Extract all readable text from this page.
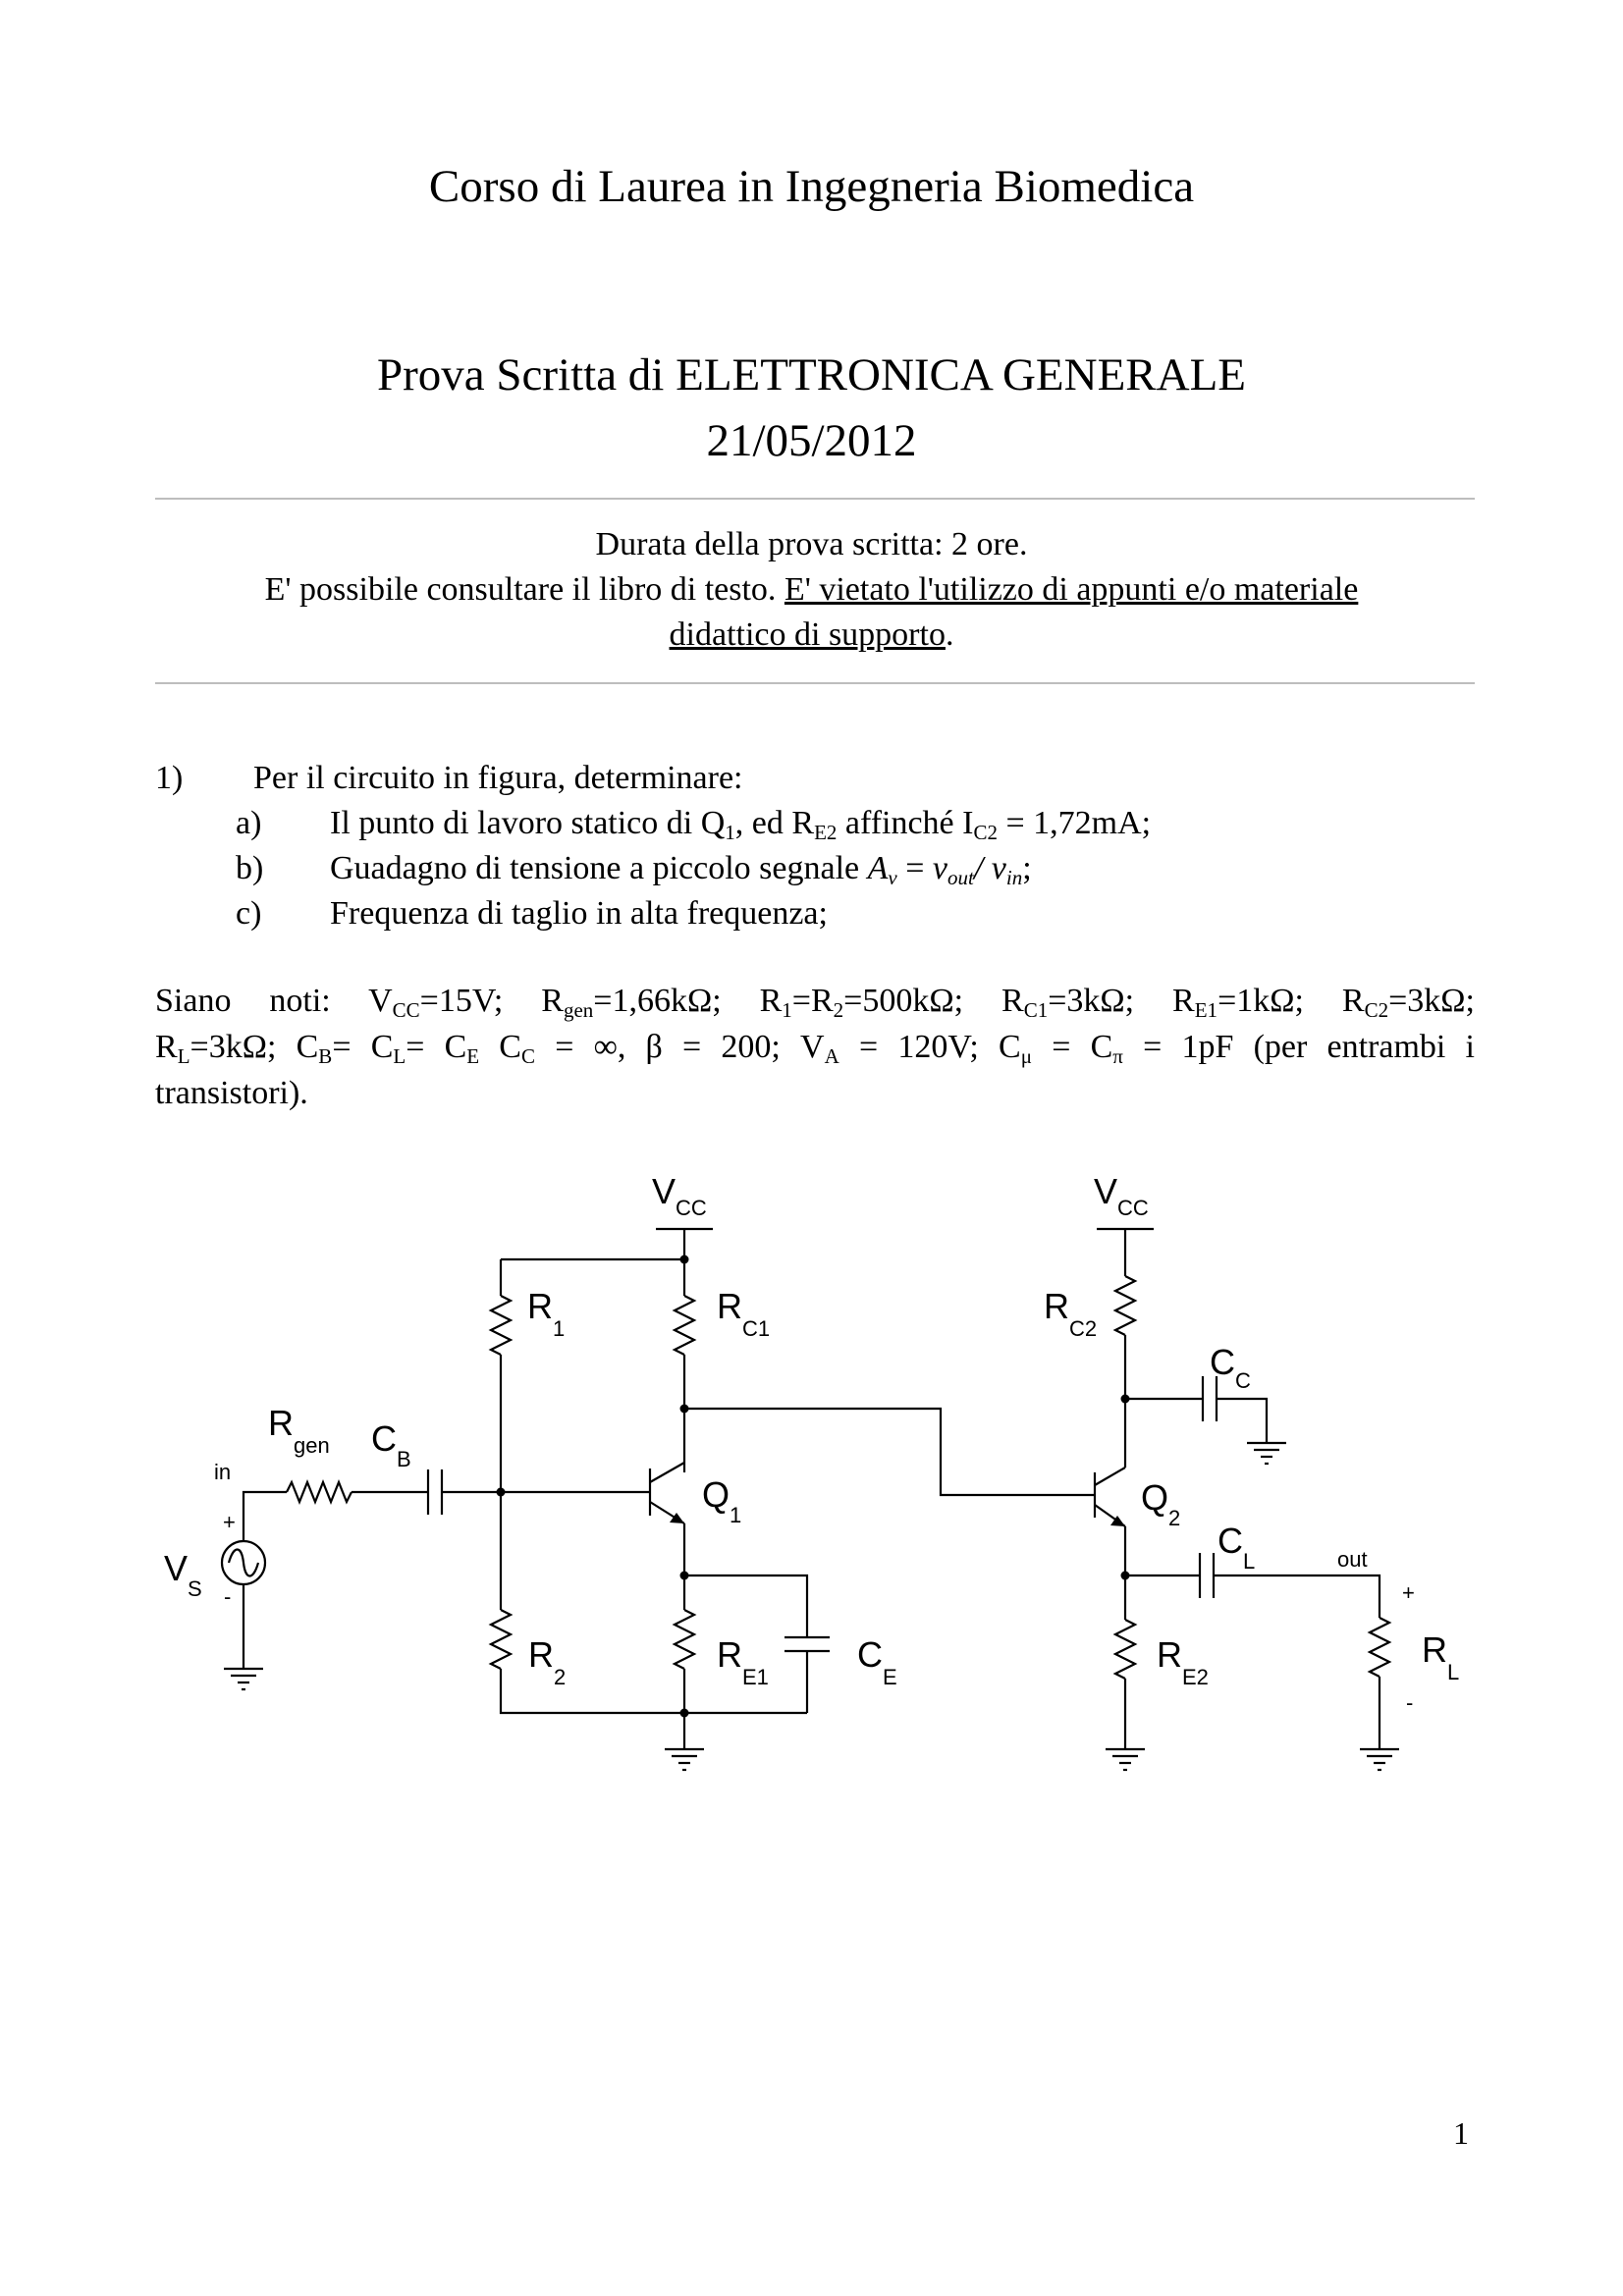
Corso di Laurea in Ingegneria Biomedica
Prova Scritta di ELETTRONICA GENERALE
21/05/2012
Durata della prova scritta: 2 ore.
E' possibile consultare il libro di testo. E' vietato l'utilizzo di appunti e/o materiale
didattico di supporto.
1) Per il circuito in figura, determinare:
a) Il punto di lavoro statico di $Q_1$, ed $R_{E2}$ affinché $I_{C2} = 1,72mA$;
b) Guadagno di tensione a piccolo segnale $A_v = v_{out}/$ $v_{in}$;
c) Frequenza di taglio in alta frequenza;
Siano noti: $V_{CC}=15V$; $R_{gen}=1,66k\Omega$; $R_1=R_2=500k\Omega$; $R_{C1}=3k\Omega$; $R_{E1}=1k\Omega$; $R_{C2}=3k\Omega$;
$R_L=3k\Omega$; $C_B= C_L= C_E$ $C_C$ = ∞, β = 200; $V_A = 120V$; $C_\mu = C_\pi = 1pF$ (per entrambi i
transistori).
$V_{CC}$	$V_{CC}$
$R_1$
$R_{C1}$
$R_{C2}$
$C_C$
$R_{gen}$ $C_B$
in
+
-
$Q_1$	$Q_2$
$C_L$	out
$V_S$
$R_2$
$R_{E1}$
$C_E$
$R_{E2}$
+
$R_L$
-
1
